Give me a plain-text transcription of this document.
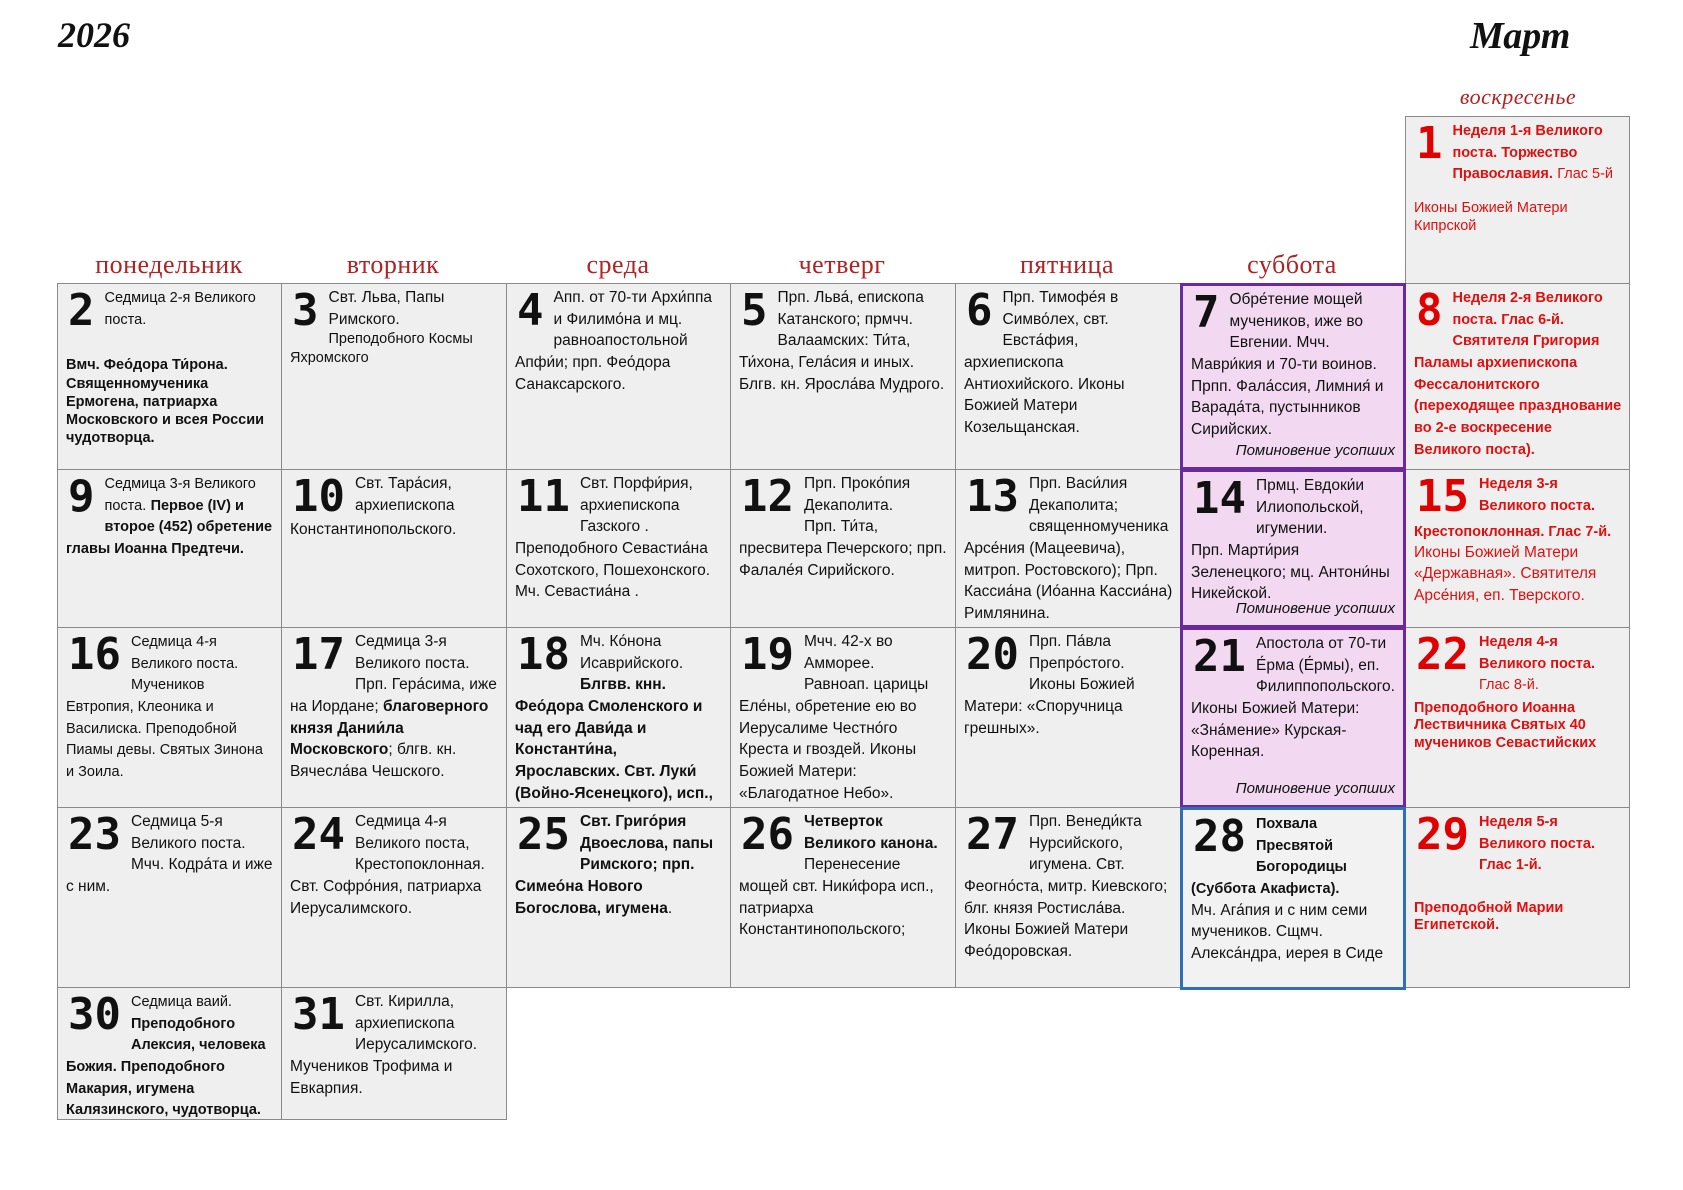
2026	Март
воскресенье
понедельник	вторник	среда	четверг	пятница	суббота
1 Неделя 1-я Великого поста. Торжество Православия. Глас 5-й
Иконы Божией Матери Кипрской
2 Седмица 2-я Великого поста.
Вмч. Фео́дора Ти́рона. Священномученика Ермогена, патриарха Московского и всея России чудотворца.
3 Свт. Льва, Папы Римского.
Преподобного Космы Яхромского
4 Апп. от 70-ти Архи́ппа и Филимо́на и мц. равноапостольной Апфи́и; прп. Фео́дора Санаксарского.
5 Прп. Льва́, епископа Катанского; прмчч. Валаамских: Ти́та, Ти́хона, Гела́сия и иных. Блгв. кн. Яросла́ва Мудрого.
6 Прп. Тимофе́я в Симво́лех, свт. Евста́фия, архиепископа Антиохийского. Иконы Божией Матери Козельщанская.
7 Обре́тение мощей мучеников, иже во Евгении. Мчч. Маври́кия и 70-ти воинов. Прпп. Фала́ссия, Лимния́ и Варада́та, пустынников Сирийских.
Поминовение усопших
8 Неделя 2-я Великого поста. Глас 6-й. Святителя Григория Паламы архиепископа Фессалонитского (переходящее празднование во 2-е воскресение Великого поста).
9 Седмица 3-я Великого поста. Первое (IV) и второе (452) обретение главы Иоанна Предтечи.
10 Свт. Тара́сия, архиепископа Константинопольского.
11 Свт. Порфи́рия, архиепископа Газского . Преподобного Севастиа́на Сохотского, Пошехонского. Мч. Севастиа́на .
12 Прп. Проко́пия Декаполита.
Прп. Ти́та, пресвитера Печерского; прп. Фалале́я Сирийского.
13 Прп. Васи́лия Декаполита; священномученика Арсе́ния (Мацеевича), митроп. Ростовского); Прп. Кассиа́на (Ио́анна Кассиа́на) Римлянина.
14 Прмц. Евдоки́и Илиопольской, игумении.
Прп. Марти́рия Зеленецкого; мц. Антони́ны Никейской.
Поминовение усопших
15 Неделя 3-я Великого поста.
Крестопоклонная. Глас 7-й.
Иконы Божией Матери «Державная». Святителя Арсе́ния, еп. Тверского.
16 Седмица 4-я Великого поста. Мучеников Евтропия, Клеоника и Василиска. Преподобной Пиамы девы. Святых Зинона и Зоила.
17 Седмица 3-я Великого поста.
Прп. Гера́сима, иже на Иордане; благоверного князя Дании́ла Московского; блгв. кн. Вячесла́ва Чешского.
18 Мч. Ко́нона Исаврийского. Блгвв. кнн. Фео́дора Смоленского и чад его Дави́да и Константи́на, Ярославских. Свт. Луки́ (Войно-Ясенецкого), исп.,
19 Мчч. 42-х во Амморее.
Равноап. царицы Еле́ны, обретение ею во Иерусалиме Честно́го Креста и гвоздей. Иконы Божией Матери: «Благодатное Небо».
20 Прп. Па́вла Препро́стого.
Иконы Божией Матери: «Споручница грешных».
21 Апостола от 70-ти Е́рма (Е́рмы), еп. Филиппопольского. Иконы Божией Матери: «Зна́мение» Курская-Коренная.
Поминовение усопших
22 Неделя 4-я Великого поста. Глас 8-й.
Преподобного Иоанна Лествичника Святых 40 мучеников Севастийских
23 Седмица 5-я Великого поста. Мчч. Кодра́та и иже с ним.
24 Седмица 4-я Великого поста, Крестопоклонная. Свт. Софро́ния, патриарха Иерусалимского.
25 Свт. Григо́рия Двоеслова, папы Римского; прп. Симео́на Нового Богослова, игумена.
26 Четверток Великого канона. Перенесение мощей свт. Ники́фора исп., патриарха Константинопольского;
27 Прп. Венеди́кта Нурсийского, игумена. Свт. Феогно́ста, митр. Киевского; блг. князя Ростисла́ва. Иконы Божией Матери Фео́доровская.
28 Похвала Пресвятой Богородицы (Суббота Акафиста).
Мч. Ага́пия и с ним семи мучеников. Сщмч. Алекса́ндра, иерея в Сиде
29 Неделя 5-я Великого поста. Глас 1-й.
Преподобной Марии Египетской.
30 Седмица ваий. Преподобного Алексия, человека Божия. Преподобного Макария, игумена Калязинского, чудотворца.
31 Свт. Кирилла, архиепископа Иерусалимского. Мучеников Трофима и Евкарпия.
